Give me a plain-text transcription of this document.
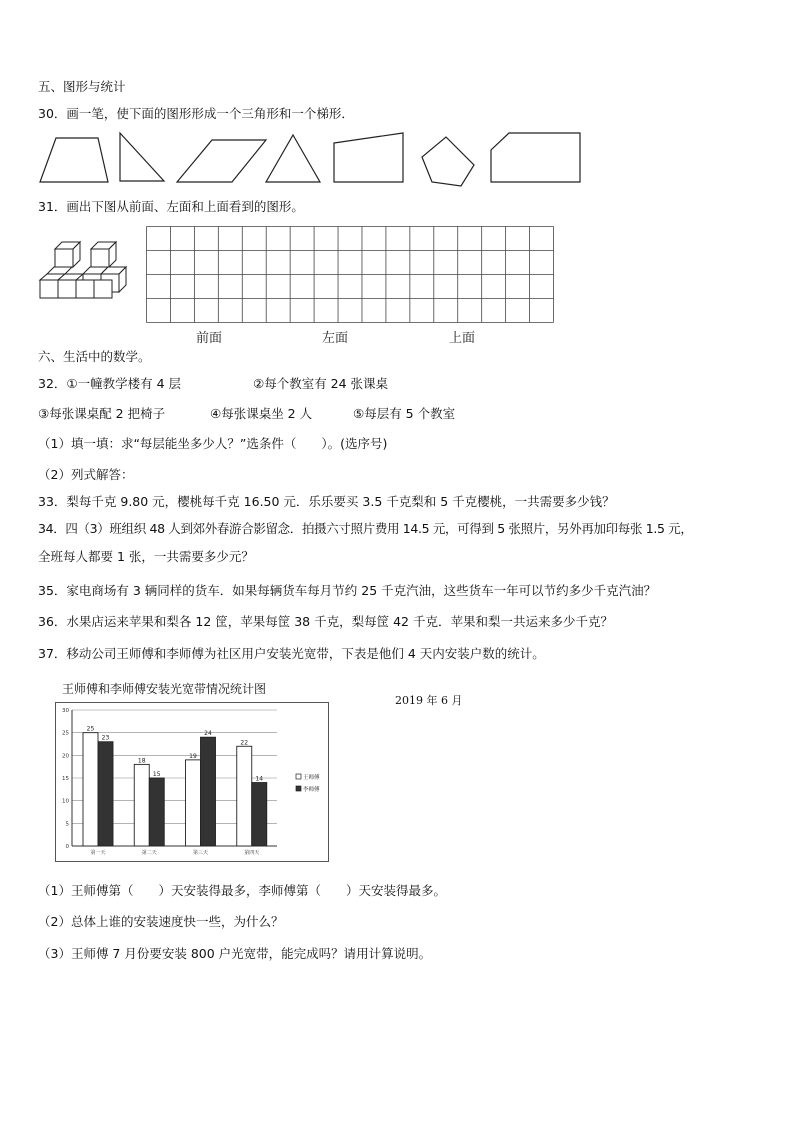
五、图形与统计
30．画一笔，使下面的图形形成一个三角形和一个梯形．
31．画出下图从前面、左面和上面看到的图形。
前面	左面	上面
六、生活中的数学。
32．①一幢教学楼有 4 层	②每个教室有 24 张课桌
③每张课桌配 2 把椅子	④每张课桌坐 2 人	⑤每层有 5 个教室
（1）填一填：求“每层能坐多少人？”选条件（　　）。(选序号)
（2）列式解答：
33．梨每千克 9.80 元，樱桃每千克 16.50 元．乐乐要买 3.5 千克梨和 5 千克樱桃，一共需要多少钱？
34．四（3）班组织 48 人到郊外春游合影留念．拍摄六寸照片费用 14.5 元，可得到 5 张照片，另外再加印每张 1.5 元，
全班每人都要 1 张，一共需要多少元？
35．家电商场有 3 辆同样的货车．如果每辆货车每月节约 25 千克汽油，这些货车一年可以节约多少千克汽油？
36．水果店运来苹果和梨各 12 筐，苹果每筐 38 千克，梨每筐 42 千克．苹果和梨一共运来多少千克？
37．移动公司王师傅和李师傅为社区用户安装光宽带，下表是他们 4 天内安装户数的统计。
王师傅和李师傅安装光宽带情况统计图
2019 年 6 月
0
5
10
15
20
25
30
25
23
第一天
18
15
第二天
19
24
第三天
22
14
第四天
王师傅
李师傅
（1）王师傅第（　　）天安装得最多，李师傅第（　　）天安装得最多。
（2）总体上谁的安装速度快一些，为什么？
（3）王师傅 7 月份要安装 800 户光宽带，能完成吗？请用计算说明。
